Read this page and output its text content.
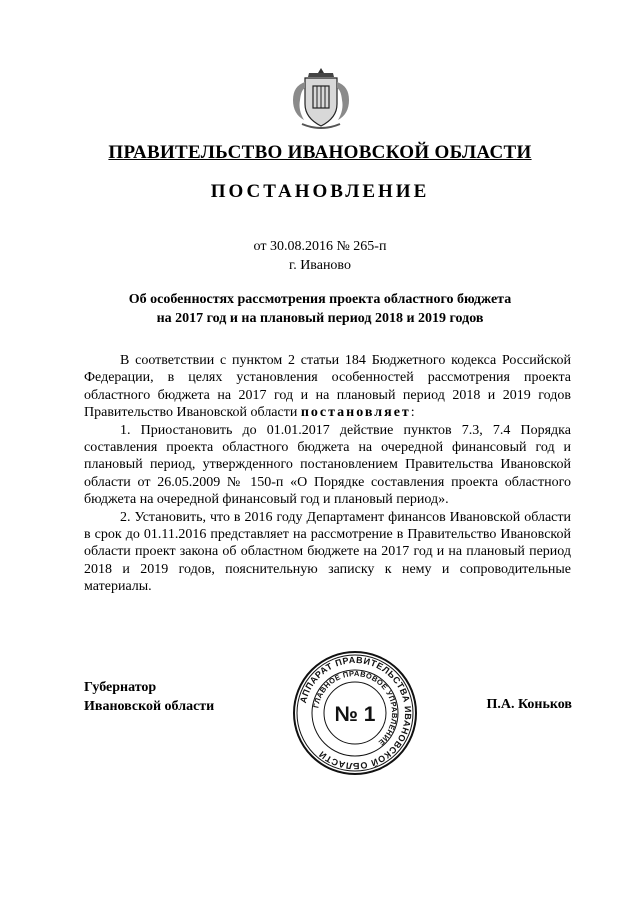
ПРАВИТЕЛЬСТВО ИВАНОВСКОЙ ОБЛАСТИ
ПОСТАНОВЛЕНИЕ
от 30.08.2016 № 265-п
г. Иваново
Об особенностях рассмотрения проекта областного бюджета
на 2017 год и на плановый период 2018 и 2019 годов

В соответствии с пунктом 2 статьи 184 Бюджетного кодекса Российской Федерации, в целях установления особенностей рассмотрения проекта областного бюджета на 2017 год и на плановый период 2018 и 2019 годов Правительство Ивановской области постановляет:

1. Приостановить до 01.01.2017 действие пунктов 7.3, 7.4 Порядка составления проекта областного бюджета на очередной финансовый год и плановый период, утвержденного постановлением Правительства Ивановской области от 26.05.2009 № 150-п «О Порядке составления проекта областного бюджета на очередной финансовый год и плановый период».

2. Установить, что в 2016 году Департамент финансов Ивановской области в срок до 01.11.2016 представляет на рассмотрение в Правительство Ивановской области проект закона об областном бюджете на 2017 год и на плановый период 2018 и 2019 годов, пояснительную записку к нему и сопроводительные материалы.

Губернатор
Ивановской области	АППАРАТ ПРАВИТЕЛЬСТВА ИВАНОВСКОЙ ОБЛАСТИ
ГЛАВНОЕ ПРАВОВОЕ УПРАВЛЕНИЕ
№ 1	П.А. Коньков
